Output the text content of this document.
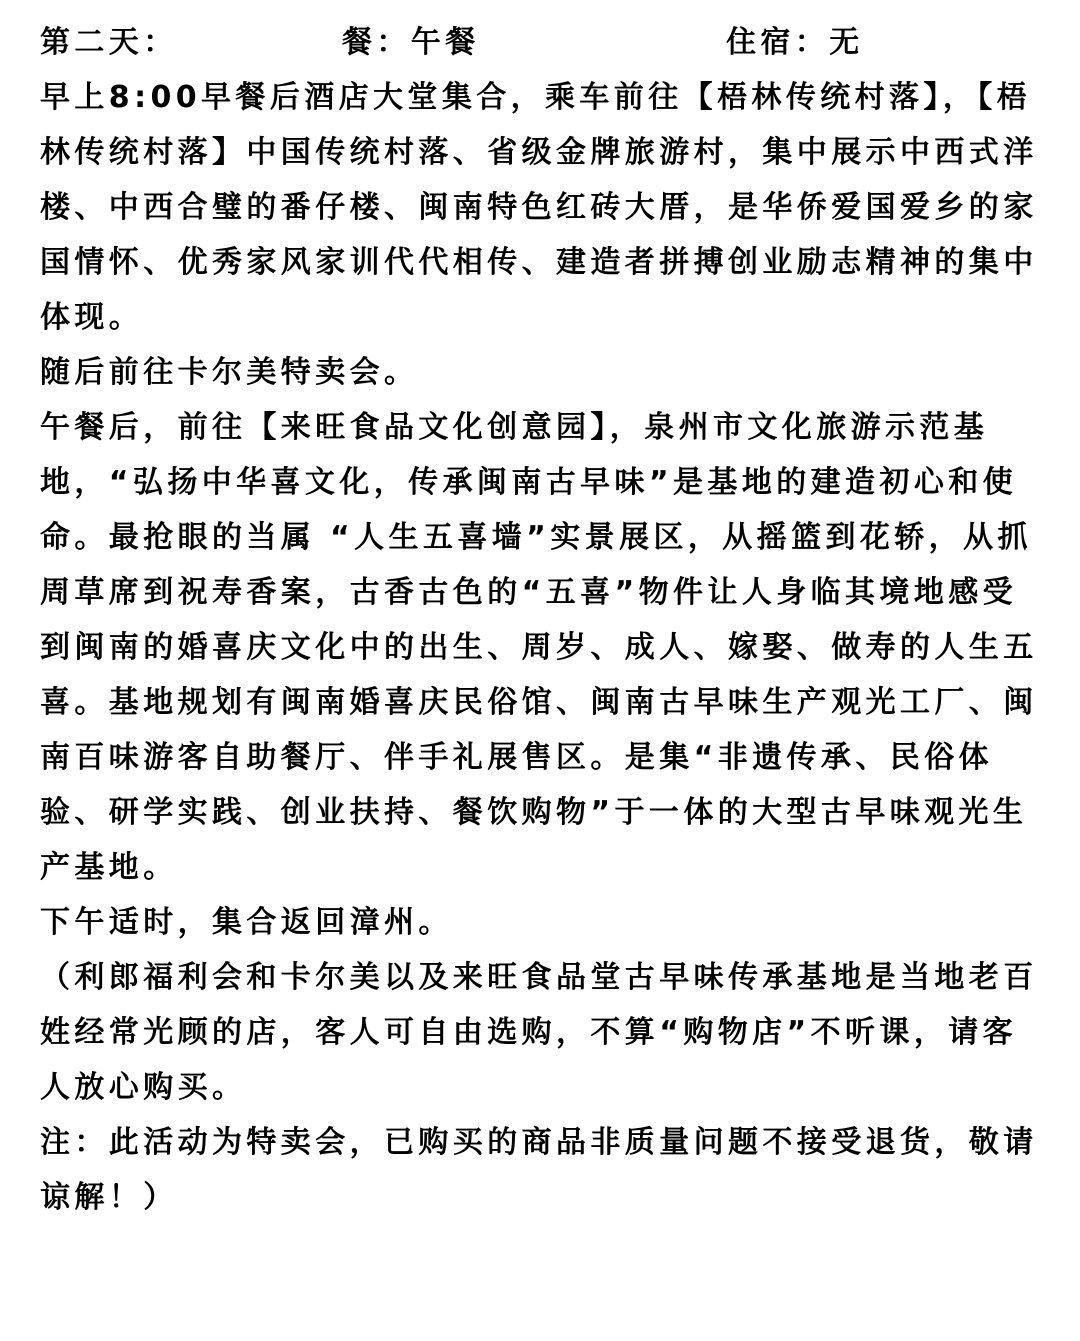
第二天：	餐：午餐	住宿：无

早上8:00早餐后酒店大堂集合，乘车前往【梧林传统村落】，【梧林传统村落】中国传统村落、省级金牌旅游村，集中展示中西式洋楼、中西合璧的番仔楼、闽南特色红砖大厝，是华侨爱国爱乡的家国情怀、优秀家风家训代代相传、建造者拼搏创业励志精神的集中体现。

随后前往卡尔美特卖会。

午餐后，前往【来旺食品文化创意园】，泉州市文化旅游示范基地，“弘扬中华喜文化，传承闽南古早味”是基地的建造初心和使命。最抢眼的当属 “人生五喜墙”实景展区，从摇篮到花轿，从抓周草席到祝寿香案，古香古色的“五喜”物件让人身临其境地感受到闽南的婚喜庆文化中的出生、周岁、成人、嫁娶、做寿的人生五喜。基地规划有闽南婚喜庆民俗馆、闽南古早味生产观光工厂、闽南百味游客自助餐厅、伴手礼展售区。是集“非遗传承、民俗体验、研学实践、创业扶持、餐饮购物”于一体的大型古早味观光生产基地。

下午适时，集合返回漳州。

（利郎福利会和卡尔美以及来旺食品堂古早味传承基地是当地老百姓经常光顾的店，客人可自由选购，不算“购物店”不听课，请客人放心购买。

注：此活动为特卖会，已购买的商品非质量问题不接受退货，敬请谅解！）
